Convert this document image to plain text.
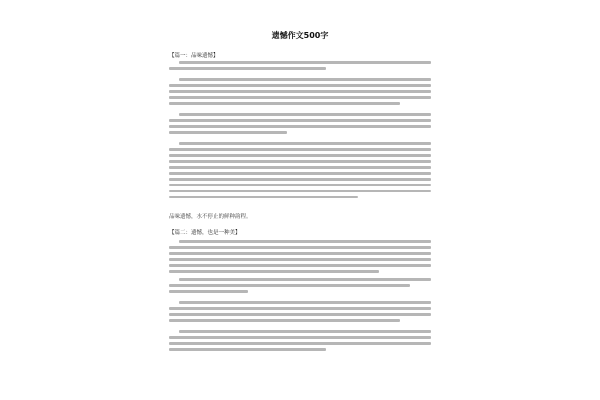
遗憾作文500字
【篇一：品味遗憾】
品味遗憾，水不停止的鲜种韵程。
【篇二：遗憾，也是一种美】
